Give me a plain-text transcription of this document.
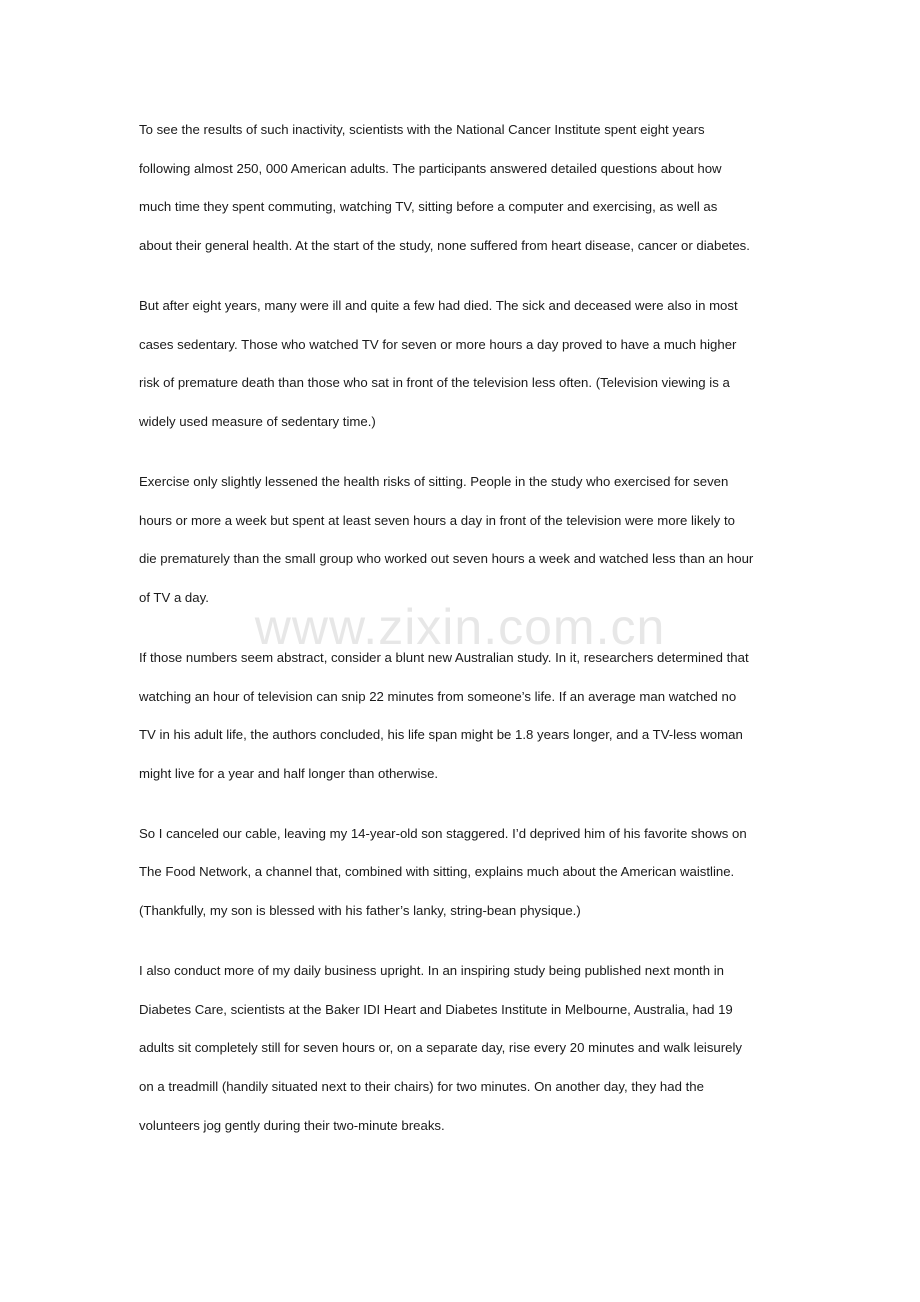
To see the results of such inactivity, scientists with the National Cancer Institute spent eight years
following almost 250, 000 American adults. The participants answered detailed questions about how
much time they spent commuting, watching TV, sitting before a computer and exercising, as well as
about their general health. At the start of the study, none suffered from heart disease, cancer or diabetes.

But after eight years, many were ill and quite a few had died. The sick and deceased were also in most
cases sedentary. Those who watched TV for seven or more hours a day proved to have a much higher
risk of premature death than those who sat in front of the television less often. (Television viewing is a
widely used measure of sedentary time.)

Exercise only slightly lessened the health risks of sitting. People in the study who exercised for seven
hours or more a week but spent at least seven hours a day in front of the television were more likely to
die prematurely than the small group who worked out seven hours a week and watched less than an hour
of TV a day.

If those numbers seem abstract, consider a blunt new Australian study. In it, researchers determined that
watching an hour of television can snip 22 minutes from someone’s life. If an average man watched no
TV in his adult life, the authors concluded, his life span might be 1.8 years longer, and a TV-less woman
might live for a year and half longer than otherwise.

So I canceled our cable, leaving my 14-year-old son staggered. I’d deprived him of his favorite shows on
The Food Network, a channel that, combined with sitting, explains much about the American waistline.
(Thankfully, my son is blessed with his father’s lanky, string-bean physique.)

I also conduct more of my daily business upright. In an inspiring study being published next month in
Diabetes Care, scientists at the Baker IDI Heart and Diabetes Institute in Melbourne, Australia, had 19
adults sit completely still for seven hours or, on a separate day, rise every 20 minutes and walk leisurely
on a treadmill (handily situated next to their chairs) for two minutes. On another day, they had the
volunteers jog gently during their two-minute breaks.

www.zixin.com.cn
